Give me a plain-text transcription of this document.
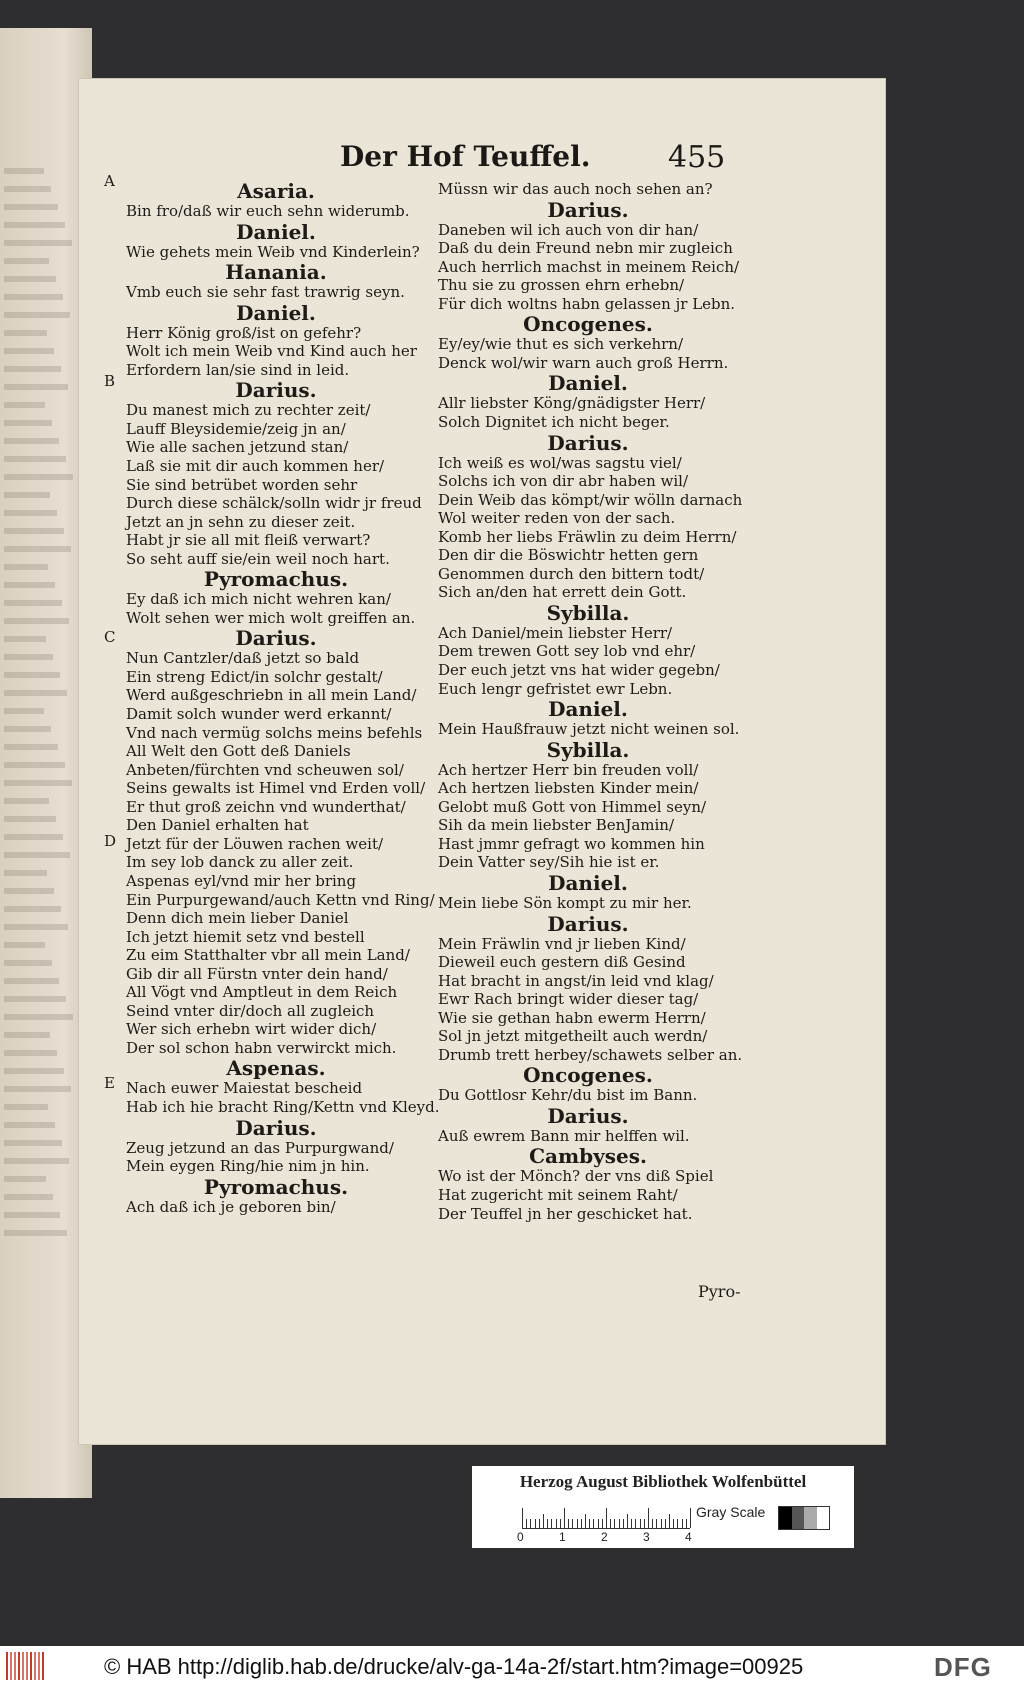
Der Hof Teuffel.	455
Asaria.
Bin fro/daß wir euch sehn widerumb.
Daniel.
Wie gehets mein Weib vnd Kinderlein?
Hanania.
Vmb euch sie sehr fast trawrig seyn.
Daniel.
Herr König groß/ist on gefehr?
Wolt ich mein Weib vnd Kind auch her
Erfordern lan/sie sind in leid.
Darius.
Du manest mich zu rechter zeit/
Lauff Bleysidemie/zeig jn an/
Wie alle sachen jetzund stan/
Laß sie mit dir auch kommen her/
Sie sind betrübet worden sehr
Durch diese schälck/solln widr jr freud
Jetzt an jn sehn zu dieser zeit.
Habt jr sie all mit fleiß verwart?
So seht auff sie/ein weil noch hart.
Pyromachus.
Ey daß ich mich nicht wehren kan/
Wolt sehen wer mich wolt greiffen an.
Darius.
Nun Cantzler/daß jetzt so bald
Ein streng Edict/in solchr gestalt/
Werd außgeschriebn in all mein Land/
Damit solch wunder werd erkannt/
Vnd nach vermüg solchs meins befehls
All Welt den Gott deß Daniels
Anbeten/fürchten vnd scheuwen sol/
Seins gewalts ist Himel vnd Erden voll/
Er thut groß zeichn vnd wunderthat/
Den Daniel erhalten hat
Jetzt für der Löuwen rachen weit/
Im sey lob danck zu aller zeit.
Aspenas eyl/vnd mir her bring
Ein Purpurgewand/auch Kettn vnd Ring/
Denn dich mein lieber Daniel
Ich jetzt hiemit setz vnd bestell
Zu eim Statthalter vbr all mein Land/
Gib dir all Fürstn vnter dein hand/
All Vögt vnd Amptleut in dem Reich
Seind vnter dir/doch all zugleich
Wer sich erhebn wirt wider dich/
Der sol schon habn verwirckt mich.
Aspenas.
Nach euwer Maiestat bescheid
Hab ich hie bracht Ring/Kettn vnd Kleyd.
Darius.
Zeug jetzund an das Purpurgwand/
Mein eygen Ring/hie nim jn hin.
Pyromachus.
Ach daß ich je geboren bin/
Müssn wir das auch noch sehen an?
Darius.
Daneben wil ich auch von dir han/
Daß du dein Freund nebn mir zugleich
Auch herrlich machst in meinem Reich/
Thu sie zu grossen ehrn erhebn/
Für dich woltns habn gelassen jr Lebn.
Oncogenes.
Ey/ey/wie thut es sich verkehrn/
Denck wol/wir warn auch groß Herrn.
Daniel.
Allr liebster Köng/gnädigster Herr/
Solch Dignitet ich nicht beger.
Darius.
Ich weiß es wol/was sagstu viel/
Solchs ich von dir abr haben wil/
Dein Weib das kömpt/wir wölln darnach
Wol weiter reden von der sach.
Komb her liebs Fräwlin zu deim Herrn/
Den dir die Böswichtr hetten gern
Genommen durch den bittern todt/
Sich an/den hat errett dein Gott.
Sybilla.
Ach Daniel/mein liebster Herr/
Dem trewen Gott sey lob vnd ehr/
Der euch jetzt vns hat wider gegebn/
Euch lengr gefristet ewr Lebn.
Daniel.
Mein Haußfrauw jetzt nicht weinen sol.
Sybilla.
Ach hertzer Herr bin freuden voll/
Ach hertzen liebsten Kinder mein/
Gelobt muß Gott von Himmel seyn/
Sih da mein liebster BenJamin/
Hast jmmr gefragt wo kommen hin
Dein Vatter sey/Sih hie ist er.
Daniel.
Mein liebe Sön kompt zu mir her.
Darius.
Mein Fräwlin vnd jr lieben Kind/
Dieweil euch gestern diß Gesind
Hat bracht in angst/in leid vnd klag/
Ewr Rach bringt wider dieser tag/
Wie sie gethan habn ewerm Herrn/
Sol jn jetzt mitgetheilt auch werdn/
Drumb trett herbey/schawets selber an.
Oncogenes.
Du Gottlosr Kehr/du bist im Bann.
Darius.
Auß ewrem Bann mir helffen wil.
Cambyses.
Wo ist der Mönch? der vns diß Spiel
Hat zugericht mit seinem Raht/
Der Teuffel jn her geschicket hat.
Pyro-
Herzog August Bibliothek Wolfenbüttel
0	1	2	3	4
Gray Scale
A
B
C
D
E
© HAB http://diglib.hab.de/drucke/alv-ga-14a-2f/start.htm?image=00925	DFG
